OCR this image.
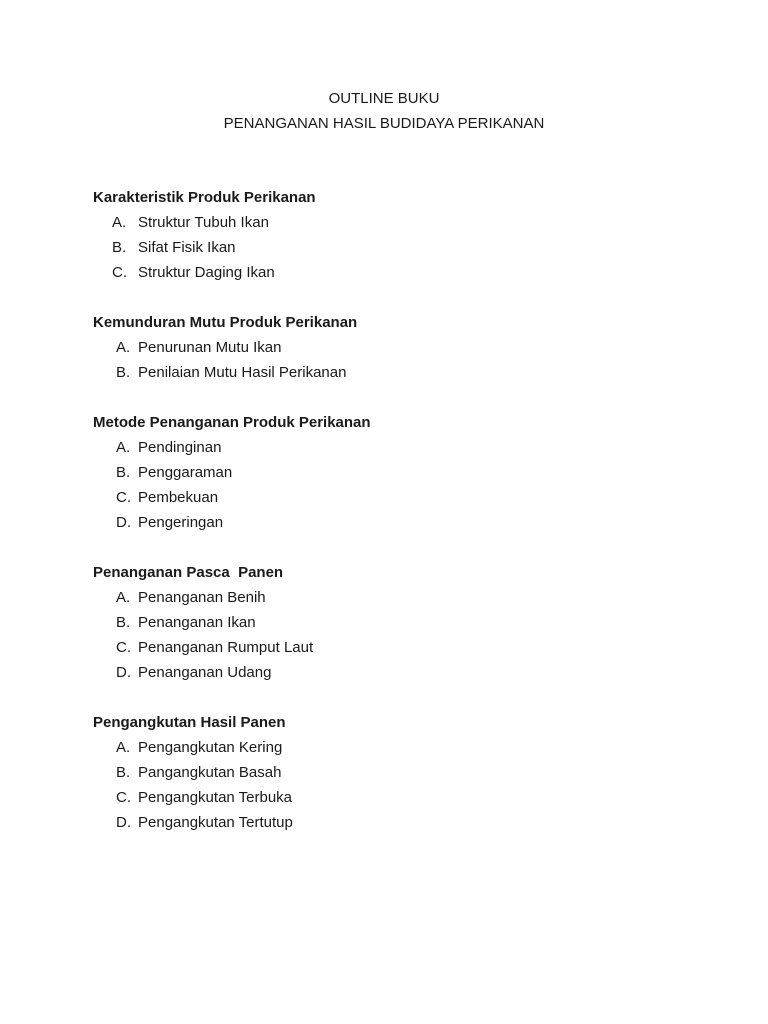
OUTLINE BUKU
PENANGANAN HASIL BUDIDAYA PERIKANAN
Karakteristik Produk Perikanan
A. Struktur Tubuh Ikan
B. Sifat Fisik Ikan
C. Struktur Daging Ikan
Kemunduran Mutu Produk Perikanan
A. Penurunan Mutu Ikan
B. Penilaian Mutu Hasil Perikanan
Metode Penanganan Produk Perikanan
A. Pendinginan
B. Penggaraman
C. Pembekuan
D. Pengeringan
Penanganan Pasca  Panen
A. Penanganan Benih
B. Penanganan Ikan
C. Penanganan Rumput Laut
D. Penanganan Udang
Pengangkutan Hasil Panen
A. Pengangkutan Kering
B. Pangangkutan Basah
C. Pengangkutan Terbuka
D. Pengangkutan Tertutup
